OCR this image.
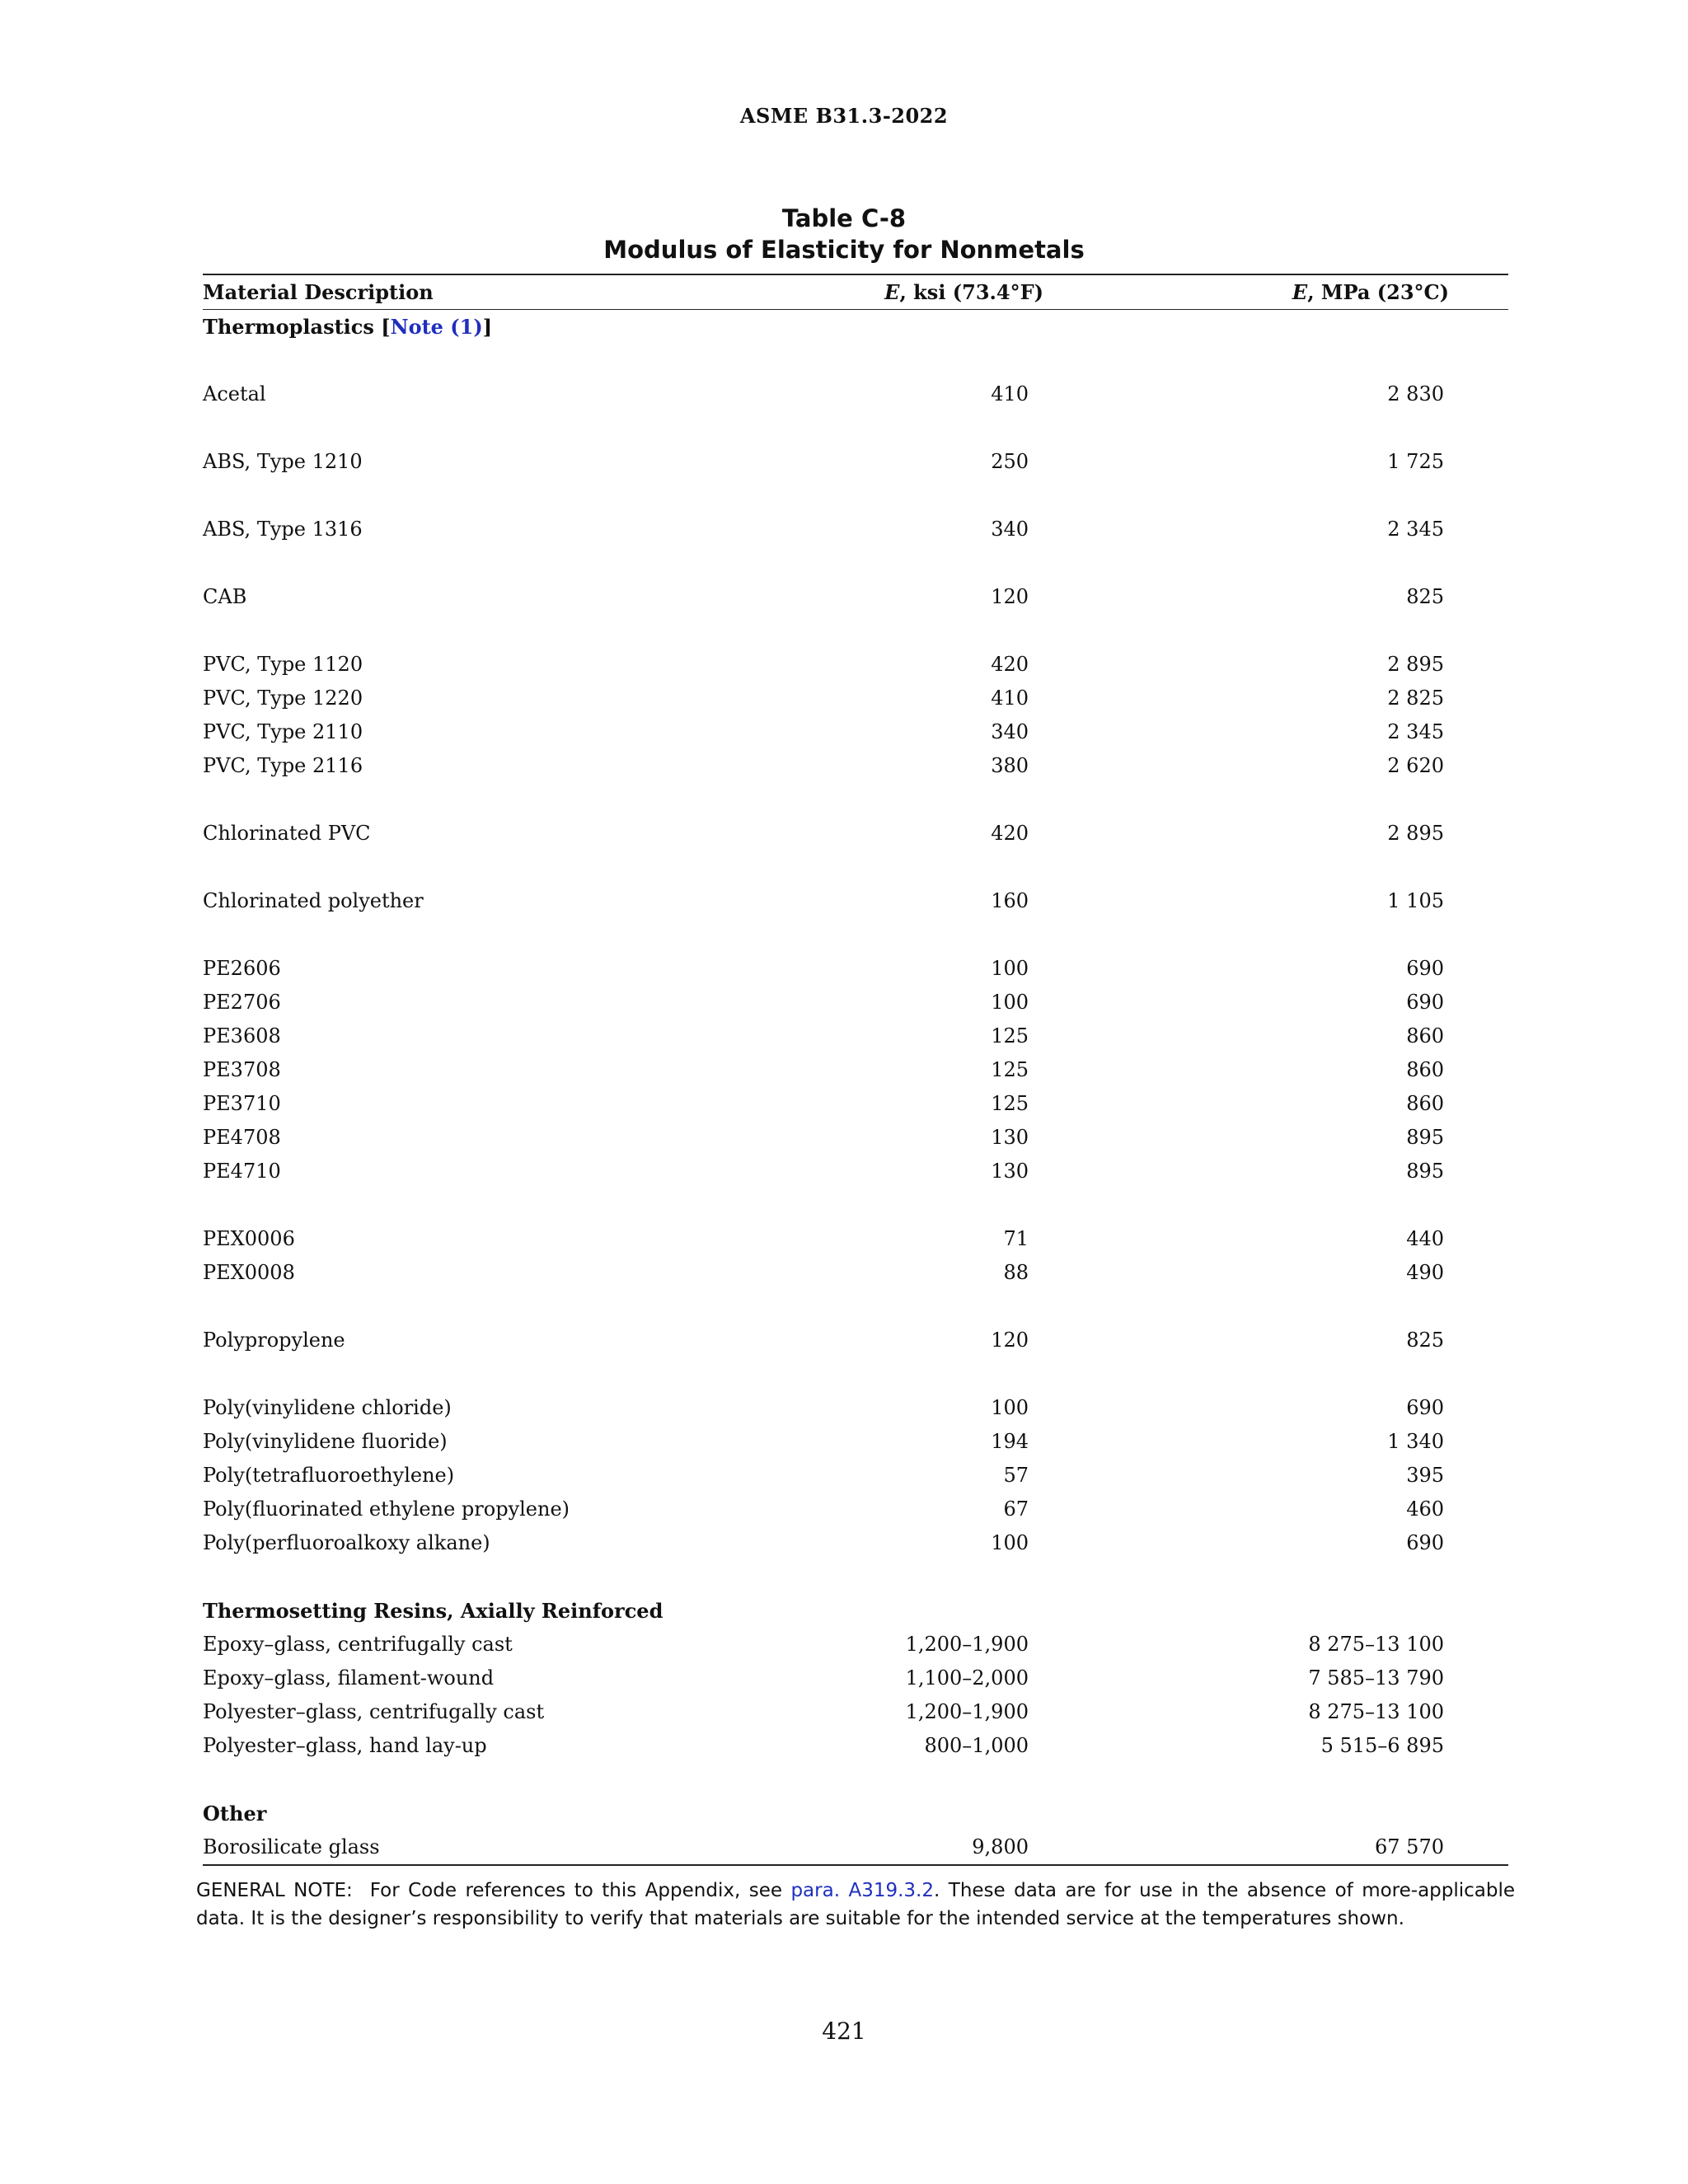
ASME B31.3-2022
Table C-8
Modulus of Elasticity for Nonmetals
Material Description	E, ksi (73.4°F)	E, MPa (23°C)
Thermoplastics [Note (1)]
Acetal	410	2 830
ABS, Type 1210	250	1 725
ABS, Type 1316	340	2 345
CAB	120	825
PVC, Type 1120	420	2 895
PVC, Type 1220	410	2 825
PVC, Type 2110	340	2 345
PVC, Type 2116	380	2 620
Chlorinated PVC	420	2 895
Chlorinated polyether	160	1 105
PE2606	100	690
PE2706	100	690
PE3608	125	860
PE3708	125	860
PE3710	125	860
PE4708	130	895
PE4710	130	895
PEX0006	71	440
PEX0008	88	490
Polypropylene	120	825
Poly(vinylidene chloride)	100	690
Poly(vinylidene fluoride)	194	1 340
Poly(tetrafluoroethylene)	57	395
Poly(fluorinated ethylene propylene)	67	460
Poly(perfluoroalkoxy alkane)	100	690
Thermosetting Resins, Axially Reinforced
Epoxy–glass, centrifugally cast	1,200–1,900	8 275–13 100
Epoxy–glass, filament-wound	1,100–2,000	7 585–13 790
Polyester–glass, centrifugally cast	1,200–1,900	8 275–13 100
Polyester–glass, hand lay-up	800–1,000	5 515–6 895
Other
Borosilicate glass	9,800	67 570
GENERAL NOTE: For Code references to this Appendix, see para. A319.3.2. These data are for use in the absence of more-applicable data. It is the designer’s responsibility to verify that materials are suitable for the intended service at the temperatures shown.
421
